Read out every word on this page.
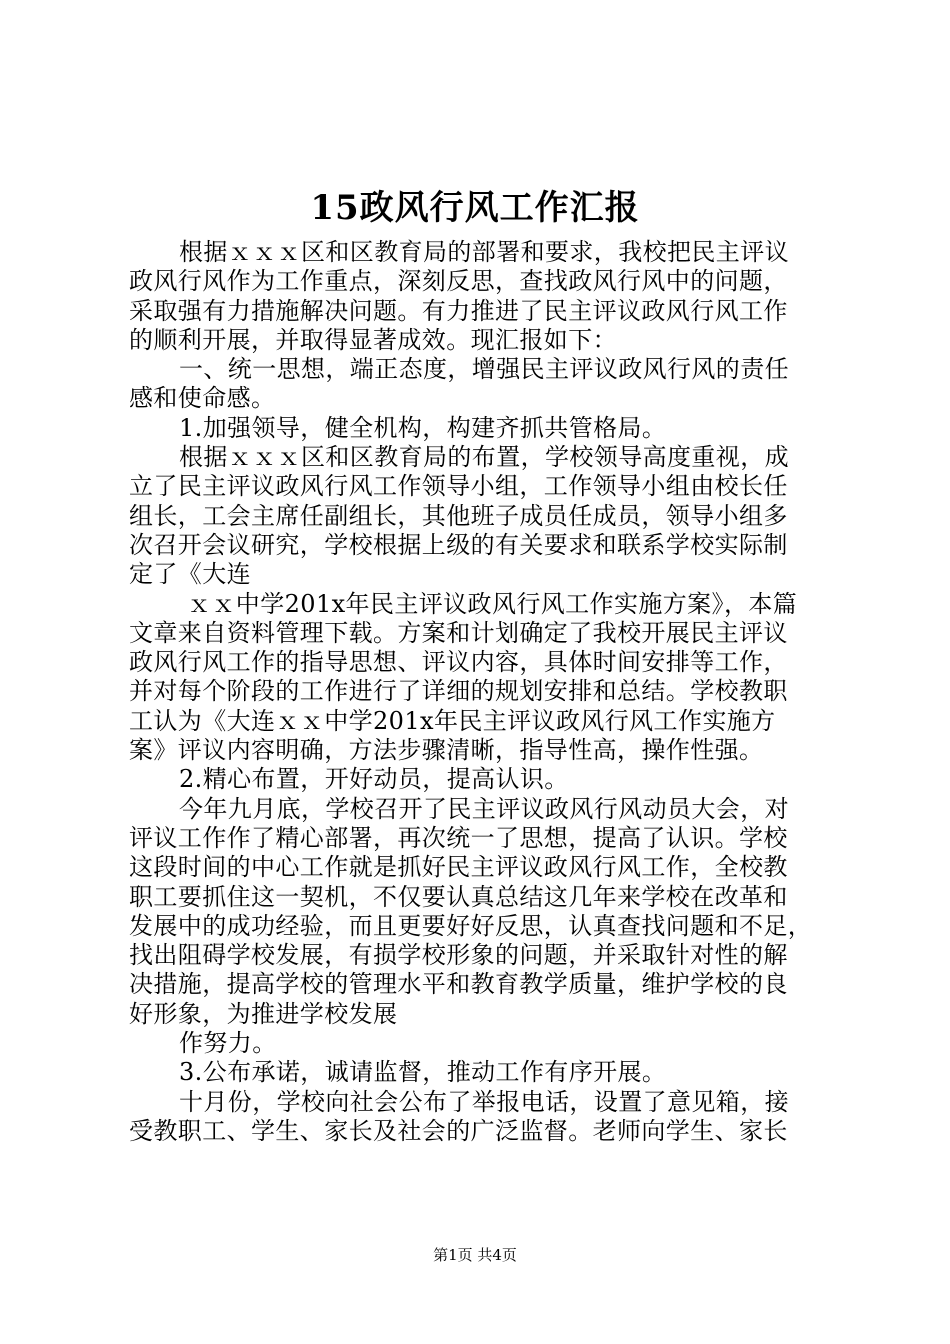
15政风行风工作汇报
根据ｘｘｘ区和区教育局的部署和要求，我校把民主评议
政风行风作为工作重点，深刻反思，查找政风行风中的问题，
采取强有力措施解决问题。有力推进了民主评议政风行风工作
的顺利开展，并取得显著成效。现汇报如下：
一、统一思想，端正态度，增强民主评议政风行风的责任
感和使命感。
1.加强领导，健全机构，构建齐抓共管格局。
根据ｘｘｘ区和区教育局的布置，学校领导高度重视，成
立了民主评议政风行风工作领导小组，工作领导小组由校长任
组长，工会主席任副组长，其他班子成员任成员，领导小组多
次召开会议研究，学校根据上级的有关要求和联系学校实际制
定了《大连
ｘｘ中学201x年民主评议政风行风工作实施方案》，本篇
文章来自资料管理下载。方案和计划确定了我校开展民主评议
政风行风工作的指导思想、评议内容，具体时间安排等工作，
并对每个阶段的工作进行了详细的规划安排和总结。学校教职
工认为《大连ｘｘ中学201x年民主评议政风行风工作实施方
案》评议内容明确，方法步骤清晰，指导性高，操作性强。
2.精心布置，开好动员，提高认识。
今年九月底，学校召开了民主评议政风行风动员大会，对
评议工作作了精心部署，再次统一了思想，提高了认识。学校
这段时间的中心工作就是抓好民主评议政风行风工作，全校教
职工要抓住这一契机，不仅要认真总结这几年来学校在改革和
发展中的成功经验，而且更要好好反思，认真查找问题和不足，
找出阻碍学校发展，有损学校形象的问题，并采取针对性的解
决措施，提高学校的管理水平和教育教学质量，维护学校的良
好形象，为推进学校发展
作努力。
3.公布承诺，诚请监督，推动工作有序开展。
十月份，学校向社会公布了举报电话，设置了意见箱，接
受教职工、学生、家长及社会的广泛监督。老师向学生、家长
第1页 共4页
